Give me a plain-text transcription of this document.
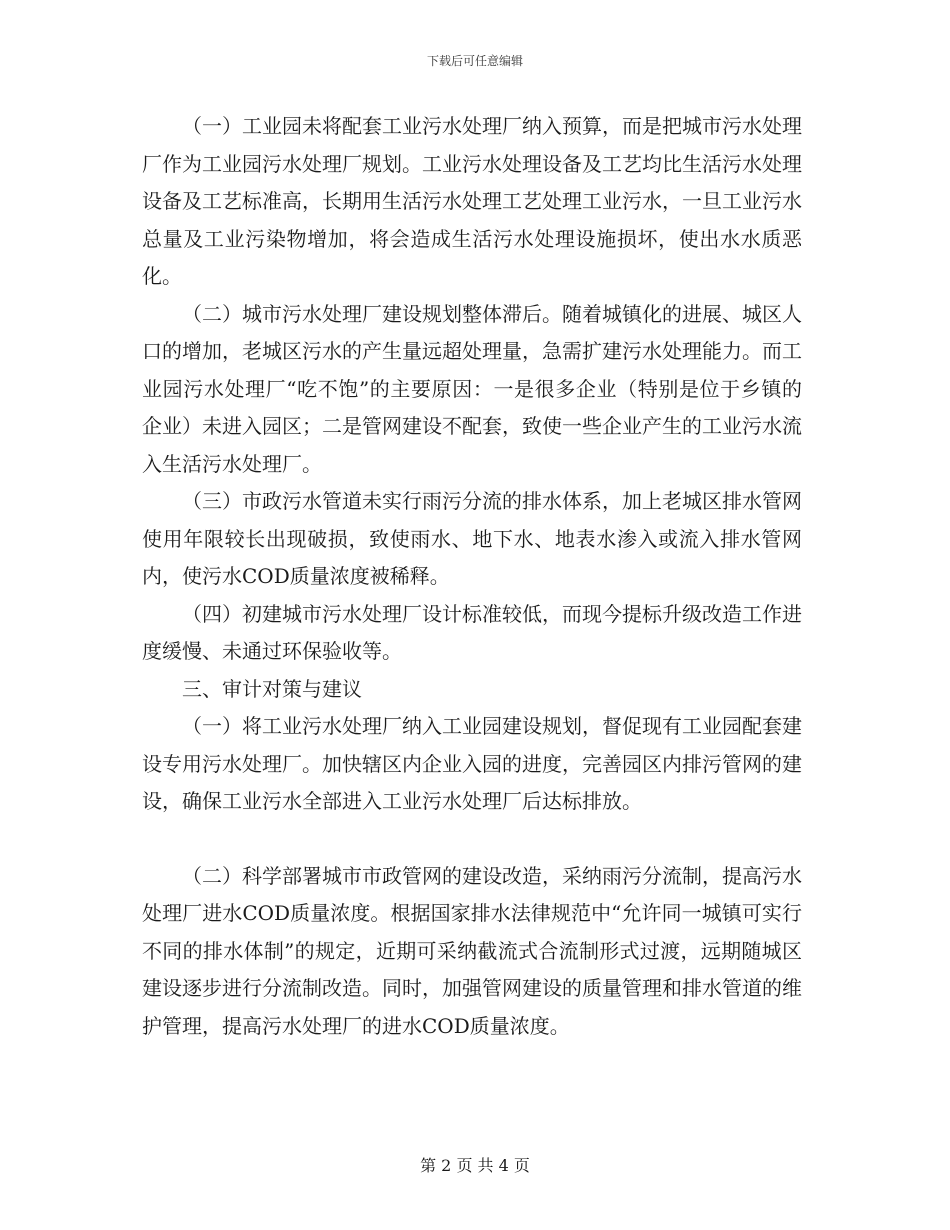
下载后可任意编辑

（一）工业园未将配套工业污水处理厂纳入预算，而是把城市污水处理厂作为工业园污水处理厂规划。工业污水处理设备及工艺均比生活污水处理设备及工艺标准高，长期用生活污水处理工艺处理工业污水，一旦工业污水总量及工业污染物增加，将会造成生活污水处理设施损坏，使出水水质恶化。

（二）城市污水处理厂建设规划整体滞后。随着城镇化的进展、城区人口的增加，老城区污水的产生量远超处理量，急需扩建污水处理能力。而工业园污水处理厂“吃不饱”的主要原因：一是很多企业（特别是位于乡镇的企业）未进入园区；二是管网建设不配套，致使一些企业产生的工业污水流入生活污水处理厂。

（三）市政污水管道未实行雨污分流的排水体系，加上老城区排水管网使用年限较长出现破损，致使雨水、地下水、地表水渗入或流入排水管网内，使污水COD质量浓度被稀释。

（四）初建城市污水处理厂设计标准较低，而现今提标升级改造工作进度缓慢、未通过环保验收等。

三、审计对策与建议

（一）将工业污水处理厂纳入工业园建设规划，督促现有工业园配套建设专用污水处理厂。加快辖区内企业入园的进度，完善园区内排污管网的建设，确保工业污水全部进入工业污水处理厂后达标排放。

（二）科学部署城市市政管网的建设改造，采纳雨污分流制，提高污水处理厂进水COD质量浓度。根据国家排水法律规范中“允许同一城镇可实行不同的排水体制”的规定，近期可采纳截流式合流制形式过渡，远期随城区建设逐步进行分流制改造。同时，加强管网建设的质量管理和排水管道的维护管理，提高污水处理厂的进水COD质量浓度。

第 2 页 共 4 页
